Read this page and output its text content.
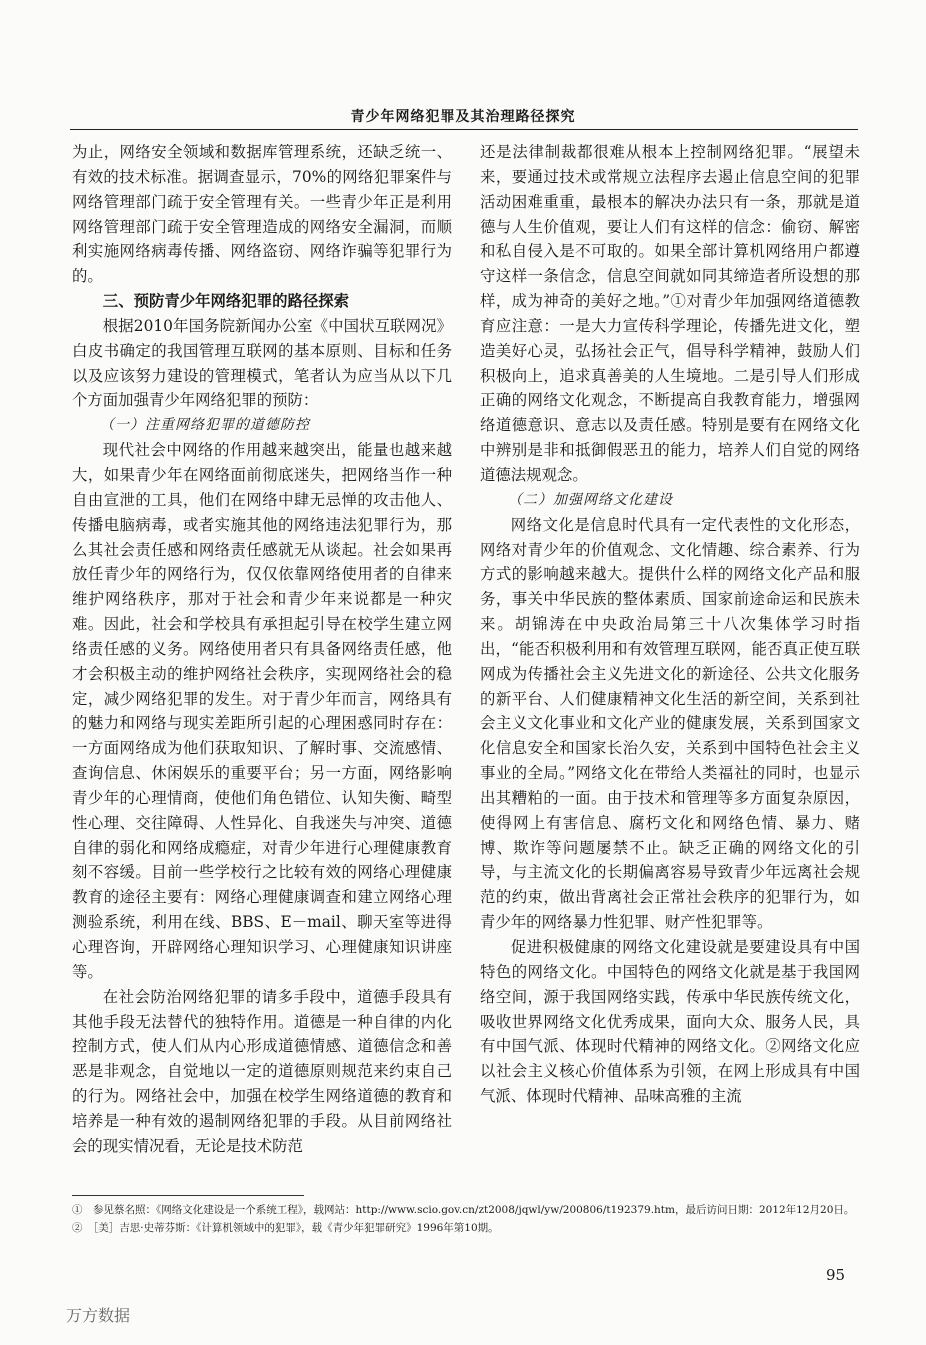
青少年网络犯罪及其治理路径探究

为止，网络安全领域和数据库管理系统，还缺乏统一、有效的技术标准。据调查显示，70%的网络犯罪案件与网络管理部门疏于安全管理有关。一些青少年正是利用网络管理部门疏于安全管理造成的网络安全漏洞，而顺利实施网络病毒传播、网络盗窃、网络诈骗等犯罪行为的。

三、预防青少年网络犯罪的路径探索

根据2010年国务院新闻办公室《中国状互联网况》白皮书确定的我国管理互联网的基本原则、目标和任务以及应该努力建设的管理模式，笔者认为应当从以下几个方面加强青少年网络犯罪的预防：

（一）注重网络犯罪的道德防控

现代社会中网络的作用越来越突出，能量也越来越大，如果青少年在网络面前彻底迷失，把网络当作一种自由宣泄的工具，他们在网络中肆无忌惮的攻击他人、传播电脑病毒，或者实施其他的网络违法犯罪行为，那么其社会责任感和网络责任感就无从谈起。社会如果再放任青少年的网络行为，仅仅依靠网络使用者的自律来维护网络秩序，那对于社会和青少年来说都是一种灾难。因此，社会和学校具有承担起引导在校学生建立网络责任感的义务。网络使用者只有具备网络责任感，他才会积极主动的维护网络社会秩序，实现网络社会的稳定，减少网络犯罪的发生。对于青少年而言，网络具有的魅力和网络与现实差距所引起的心理困惑同时存在：一方面网络成为他们获取知识、了解时事、交流感情、查询信息、休闲娱乐的重要平台；另一方面，网络影响青少年的心理情商，使他们角色错位、认知失衡、畸型性心理、交往障碍、人性异化、自我迷失与冲突、道德自律的弱化和网络成瘾症，对青少年进行心理健康教育刻不容缓。目前一些学校行之比较有效的网络心理健康教育的途径主要有：网络心理健康调查和建立网络心理测验系统，利用在线、BBS、E－mail、聊天室等进得心理咨询，开辟网络心理知识学习、心理健康知识讲座等。

在社会防治网络犯罪的请多手段中，道德手段具有其他手段无法替代的独特作用。道德是一种自律的内化控制方式，使人们从内心形成道德情感、道德信念和善恶是非观念，自觉地以一定的道德原则规范来约束自己的行为。网络社会中，加强在校学生网络道德的教育和培养是一种有效的遏制网络犯罪的手段。从目前网络社会的现实情况看，无论是技术防范

还是法律制裁都很难从根本上控制网络犯罪。“展望未来，要通过技术或常规立法程序去遏止信息空间的犯罪活动困难重重，最根本的解决办法只有一条，那就是道德与人生价值观，要让人们有这样的信念：偷窃、解密和私自侵入是不可取的。如果全部计算机网络用户都遵守这样一条信念，信息空间就如同其缔造者所设想的那样，成为神奇的美好之地。”①对青少年加强网络道德教育应注意：一是大力宣传科学理论，传播先进文化，塑造美好心灵，弘扬社会正气，倡导科学精神，鼓励人们积极向上，追求真善美的人生境地。二是引导人们形成正确的网络文化观念，不断提高自我教育能力，增强网络道德意识、意志以及责任感。特别是要有在网络文化中辨别是非和抵御假恶丑的能力，培养人们自觉的网络道德法规观念。

（二）加强网络文化建设

网络文化是信息时代具有一定代表性的文化形态，网络对青少年的价值观念、文化情趣、综合素养、行为方式的影响越来越大。提供什么样的网络文化产品和服务，事关中华民族的整体素质、国家前途命运和民族未来。胡锦涛在中央政治局第三十八次集体学习时指出，“能否积极利用和有效管理互联网，能否真正使互联网成为传播社会主义先进文化的新途径、公共文化服务的新平台、人们健康精神文化生活的新空间，关系到社会主义文化事业和文化产业的健康发展，关系到国家文化信息安全和国家长治久安，关系到中国特色社会主义事业的全局。”网络文化在带给人类福社的同时，也显示出其糟粕的一面。由于技术和管理等多方面复杂原因，使得网上有害信息、腐朽文化和网络色情、暴力、赌博、欺诈等问题屡禁不止。缺乏正确的网络文化的引导，与主流文化的长期偏离容易导致青少年远离社会规范的约束，做出背离社会正常社会秩序的犯罪行为，如青少年的网络暴力性犯罪、财产性犯罪等。

促进积极健康的网络文化建设就是要建设具有中国特色的网络文化。中国特色的网络文化就是基于我国网络空间，源于我国网络实践，传承中华民族传统文化，吸收世界网络文化优秀成果，面向大众、服务人民，具有中国气派、体现时代精神的网络文化。②网络文化应以社会主义核心价值体系为引领，在网上形成具有中国气派、体现时代精神、品味高雅的主流

①　参见蔡名照：《网络文化建设是一个系统工程》，载网站：http://www.scio.gov.cn/zt2008/jqwl/yw/200806/t192379.htm，最后访问日期：2012年12月20日。

②　［美］吉思·史蒂芬斯：《计算机领域中的犯罪》，载《青少年犯罪研究》1996年第10期。

95
万方数据
